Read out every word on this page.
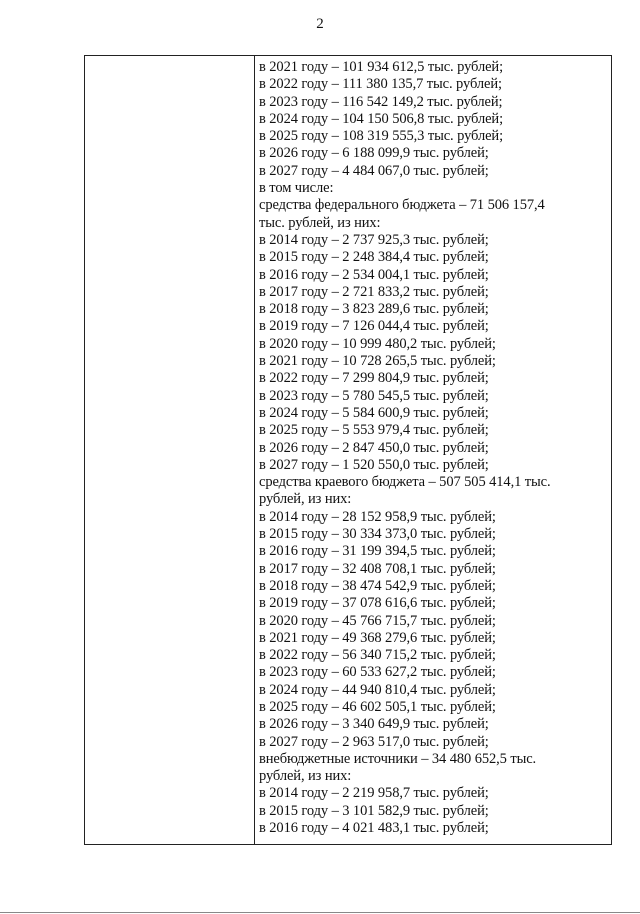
2
в 2021 году – 101 934 612,5 тыс. рублей;
в 2022 году – 111 380 135,7 тыс. рублей;
в 2023 году – 116 542 149,2 тыс. рублей;
в 2024 году – 104 150 506,8 тыс. рублей;
в 2025 году – 108 319 555,3 тыс. рублей;
в 2026 году – 6 188 099,9 тыс. рублей;
в 2027 году – 4 484 067,0 тыс. рублей;
в том числе:
средства федерального бюджета – 71 506 157,4
тыс. рублей, из них:
в 2014 году – 2 737 925,3 тыс. рублей;
в 2015 году – 2 248 384,4 тыс. рублей;
в 2016 году – 2 534 004,1 тыс. рублей;
в 2017 году – 2 721 833,2 тыс. рублей;
в 2018 году – 3 823 289,6 тыс. рублей;
в 2019 году – 7 126 044,4 тыс. рублей;
в 2020 году – 10 999 480,2 тыс. рублей;
в 2021 году – 10 728 265,5 тыс. рублей;
в 2022 году – 7 299 804,9 тыс. рублей;
в 2023 году – 5 780 545,5 тыс. рублей;
в 2024 году – 5 584 600,9 тыс. рублей;
в 2025 году – 5 553 979,4 тыс. рублей;
в 2026 году – 2 847 450,0 тыс. рублей;
в 2027 году – 1 520 550,0 тыс. рублей;
средства краевого бюджета – 507 505 414,1 тыс.
рублей, из них:
в 2014 году – 28 152 958,9 тыс. рублей;
в 2015 году – 30 334 373,0 тыс. рублей;
в 2016 году – 31 199 394,5 тыс. рублей;
в 2017 году – 32 408 708,1 тыс. рублей;
в 2018 году – 38 474 542,9 тыс. рублей;
в 2019 году – 37 078 616,6 тыс. рублей;
в 2020 году – 45 766 715,7 тыс. рублей;
в 2021 году – 49 368 279,6 тыс. рублей;
в 2022 году – 56 340 715,2 тыс. рублей;
в 2023 году – 60 533 627,2 тыс. рублей;
в 2024 году – 44 940 810,4 тыс. рублей;
в 2025 году – 46 602 505,1 тыс. рублей;
в 2026 году – 3 340 649,9 тыс. рублей;
в 2027 году – 2 963 517,0 тыс. рублей;
внебюджетные источники – 34 480 652,5 тыс.
рублей, из них:
в 2014 году – 2 219 958,7 тыс. рублей;
в 2015 году – 3 101 582,9 тыс. рублей;
в 2016 году – 4 021 483,1 тыс. рублей;
